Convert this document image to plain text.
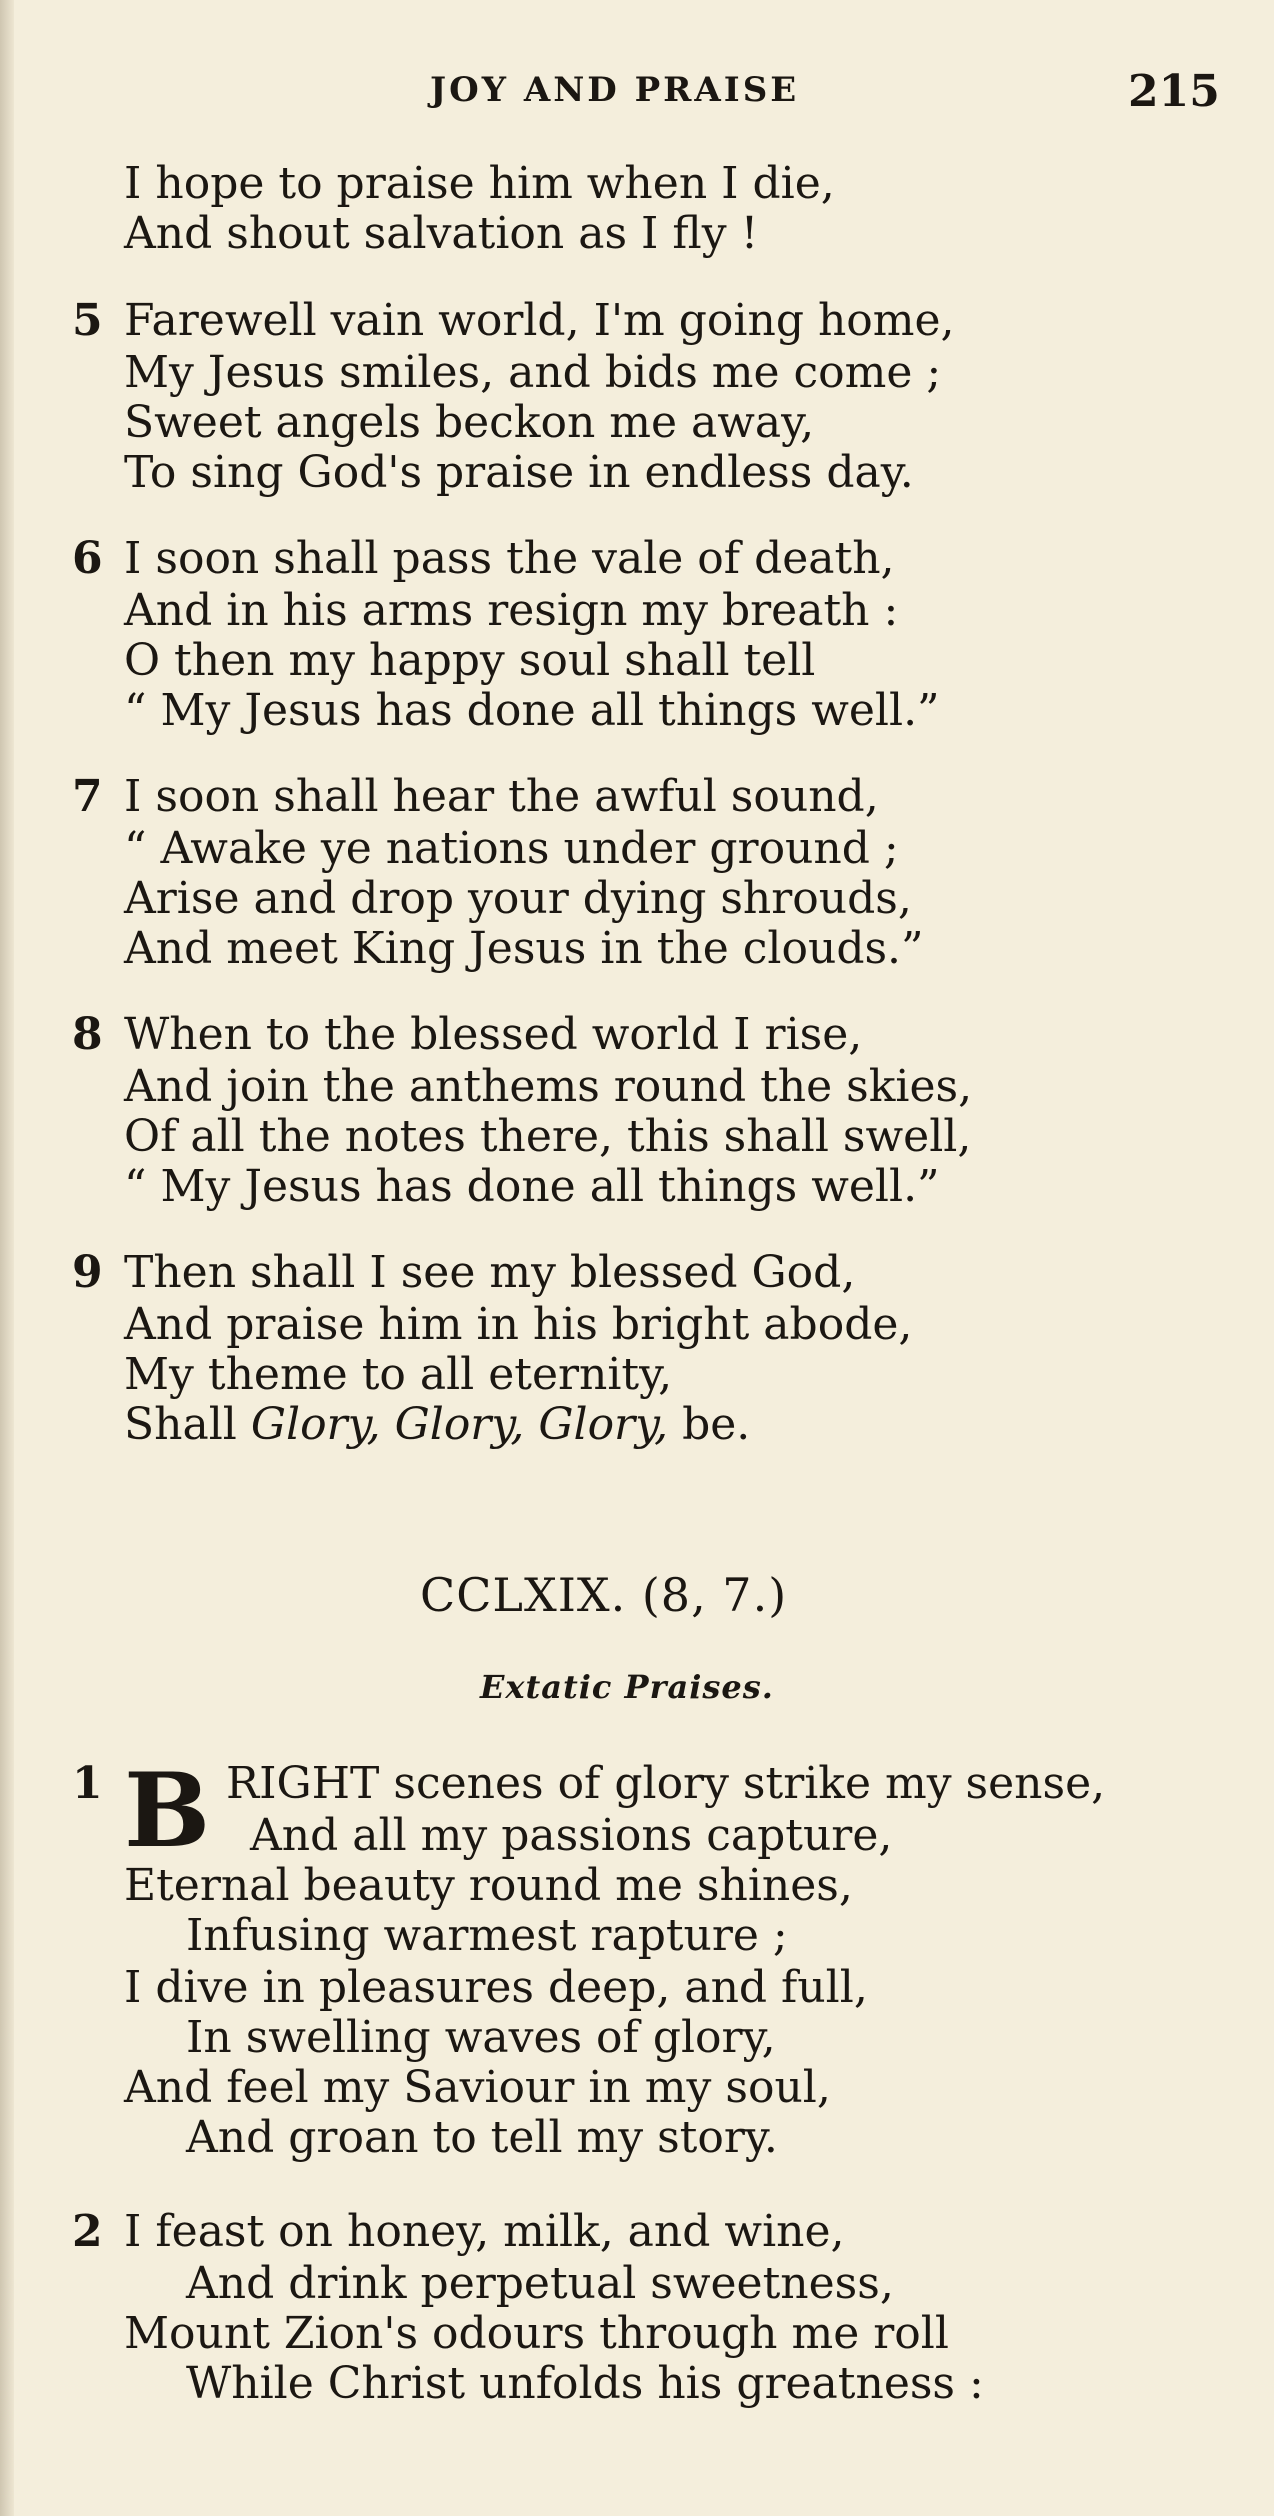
JOY AND PRAISE	215
I hope to praise him when I die,
And shout salvation as I fly !
5 Farewell vain world, I'm going home,
My Jesus smiles, and bids me come ;
Sweet angels beckon me away,
To sing God's praise in endless day.
6 I soon shall pass the vale of death,
And in his arms resign my breath :
O then my happy soul shall tell
“ My Jesus has done all things well.”
7 I soon shall hear the awful sound,
“ Awake ye nations under ground ;
Arise and drop your dying shrouds,
And meet King Jesus in the clouds.”
8 When to the blessed world I rise,
And join the anthems round the skies,
Of all the notes there, this shall swell,
“ My Jesus has done all things well.”
9 Then shall I see my blessed God,
And praise him in his bright abode,
My theme to all eternity,
Shall Glory, Glory, Glory, be.
CCLXIX. (8, 7.)
Extatic Praises.
1 B RIGHT scenes of glory strike my sense,
And all my passions capture,
Eternal beauty round me shines,
Infusing warmest rapture ;
I dive in pleasures deep, and full,
In swelling waves of glory,
And feel my Saviour in my soul,
And groan to tell my story.
2 I feast on honey, milk, and wine,
And drink perpetual sweetness,
Mount Zion's odours through me roll
While Christ unfolds his greatness :
